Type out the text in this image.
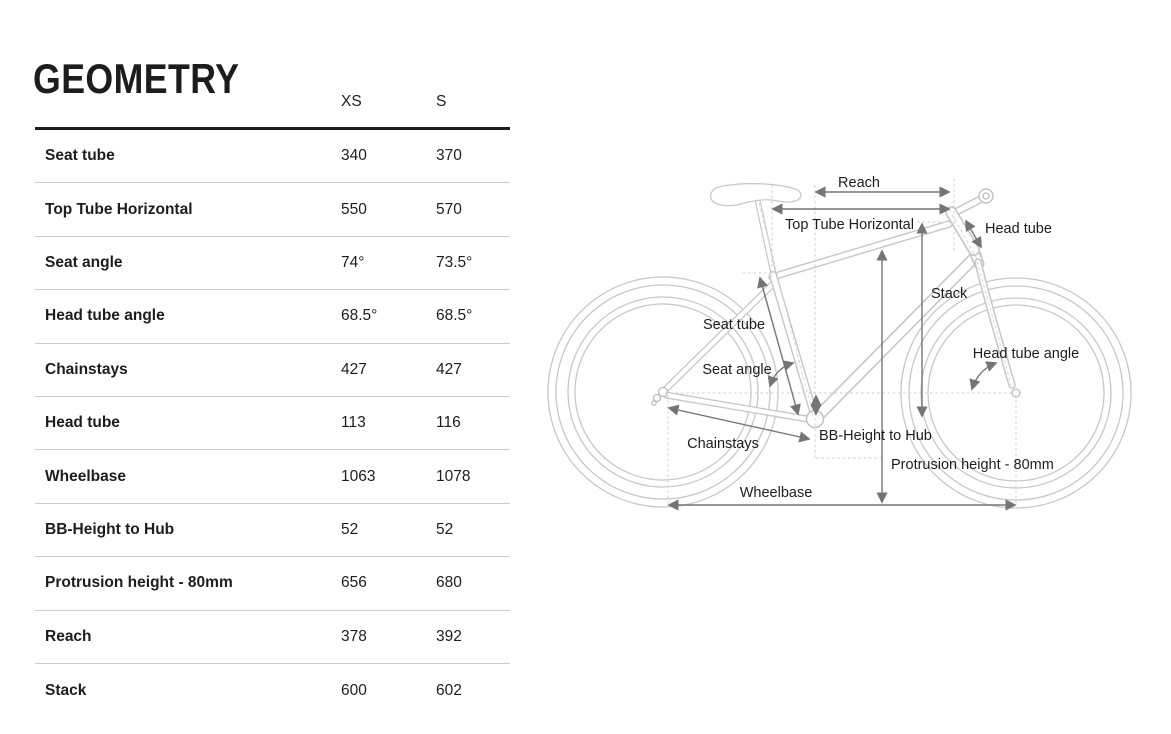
GEOMETRY	XS	S
Seat tube	340	370
Top Tube Horizontal	550	570
Seat angle	74°	73.5°
Head tube angle	68.5°	68.5°
Chainstays	427	427
Head tube	113	116
Wheelbase	1063	1078
BB-Height to Hub	52	52
Protrusion height - 80mm	656	680
Reach	378	392
Stack	600	602
Reach
Top Tube Horizontal	Head tube
Stack
Seat tube
Seat angle
Head tube angle
Chainstays	BB-Height to Hub
Protrusion height - 80mm
Wheelbase
